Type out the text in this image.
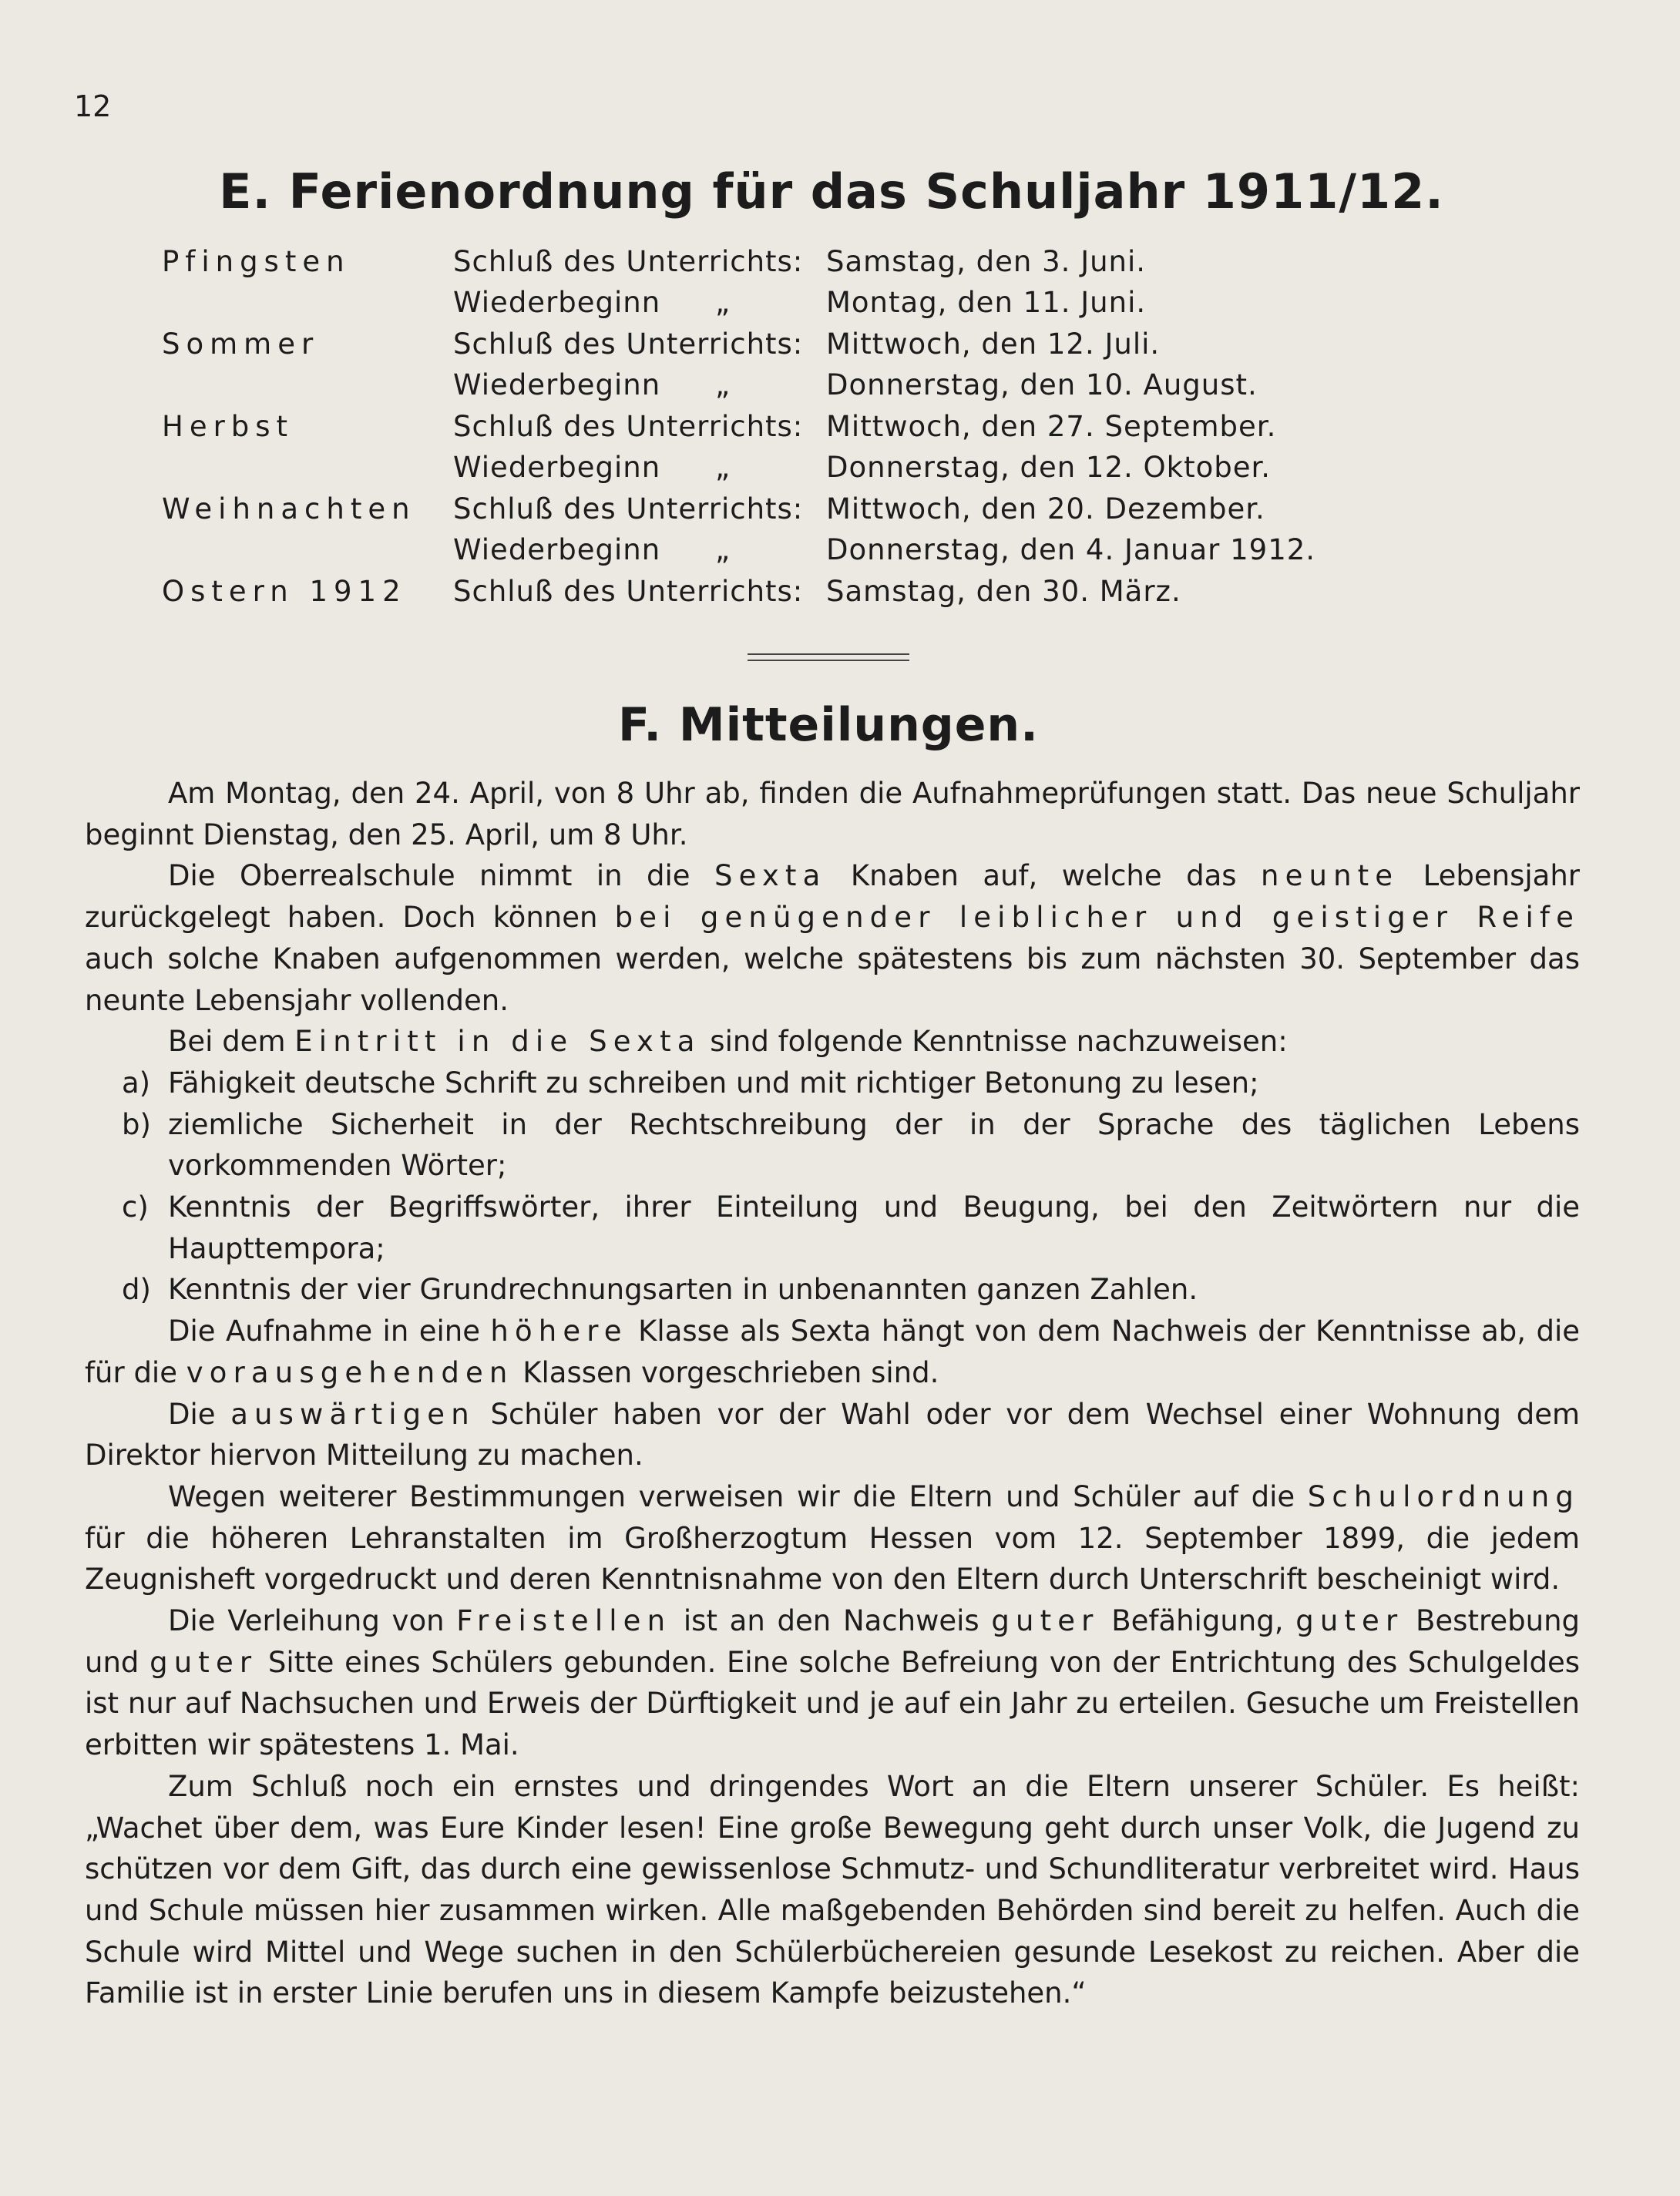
12
E. Ferienordnung für das Schuljahr 1911/12.
Pfingsten	Schluß des Unterrichts: Samstag, den 3. Juni.
Wiederbeginn „	Montag, den 11. Juni.
Sommer	Schluß des Unterrichts: Mittwoch, den 12. Juli.
Wiederbeginn „	Donnerstag, den 10. August.
Herbst	Schluß des Unterrichts: Mittwoch, den 27. September.
Wiederbeginn „	Donnerstag, den 12. Oktober.
Weihnachten Schluß des Unterrichts: Mittwoch, den 20. Dezember.
Wiederbeginn „	Donnerstag, den 4. Januar 1912.
Ostern 1912 Schluß des Unterrichts: Samstag, den 30. März.
F. Mitteilungen.

Am Montag, den 24. April, von 8 Uhr ab, finden die Aufnahmeprüfungen statt. Das neue Schuljahr beginnt Dienstag, den 25. April, um 8 Uhr.

Die Oberrealschule nimmt in die Sexta Knaben auf, welche das neunte Lebensjahr zurückgelegt haben. Doch können bei genügender leiblicher und geistiger Reife auch solche Knaben aufgenommen werden, welche spätestens bis zum nächsten 30. September das neunte Lebensjahr vollenden.

Bei dem Eintritt in die Sexta sind folgende Kenntnisse nachzuweisen:

a) Fähigkeit deutsche Schrift zu schreiben und mit richtiger Betonung zu lesen;

b) ziemliche Sicherheit in der Rechtschreibung der in der Sprache des täglichen Lebens vorkommenden Wörter;

c) Kenntnis der Begriffswörter, ihrer Einteilung und Beugung, bei den Zeitwörtern nur die Haupttempora;

d) Kenntnis der vier Grundrechnungsarten in unbenannten ganzen Zahlen.

Die Aufnahme in eine höhere Klasse als Sexta hängt von dem Nachweis der Kenntnisse ab, die für die vorausgehenden Klassen vorgeschrieben sind.

Die auswärtigen Schüler haben vor der Wahl oder vor dem Wechsel einer Wohnung dem Direktor hiervon Mitteilung zu machen.

Wegen weiterer Bestimmungen verweisen wir die Eltern und Schüler auf die Schulordnung für die höheren Lehranstalten im Großherzogtum Hessen vom 12. September 1899, die jedem Zeugnisheft vorgedruckt und deren Kenntnisnahme von den Eltern durch Unterschrift bescheinigt wird.

Die Verleihung von Freistellen ist an den Nachweis guter Befähigung, guter Bestrebung und guter Sitte eines Schülers gebunden. Eine solche Befreiung von der Entrichtung des Schulgeldes ist nur auf Nachsuchen und Erweis der Dürftigkeit und je auf ein Jahr zu erteilen. Gesuche um Freistellen erbitten wir spätestens 1. Mai.

Zum Schluß noch ein ernstes und dringendes Wort an die Eltern unserer Schüler. Es heißt: „Wachet über dem, was Eure Kinder lesen! Eine große Bewegung geht durch unser Volk, die Jugend zu schützen vor dem Gift, das durch eine gewissenlose Schmutz- und Schundliteratur verbreitet wird. Haus und Schule müssen hier zusammen wirken. Alle maßgebenden Behörden sind bereit zu helfen. Auch die Schule wird Mittel und Wege suchen in den Schülerbüchereien gesunde Lesekost zu reichen. Aber die Familie ist in erster Linie berufen uns in diesem Kampfe beizustehen.“
